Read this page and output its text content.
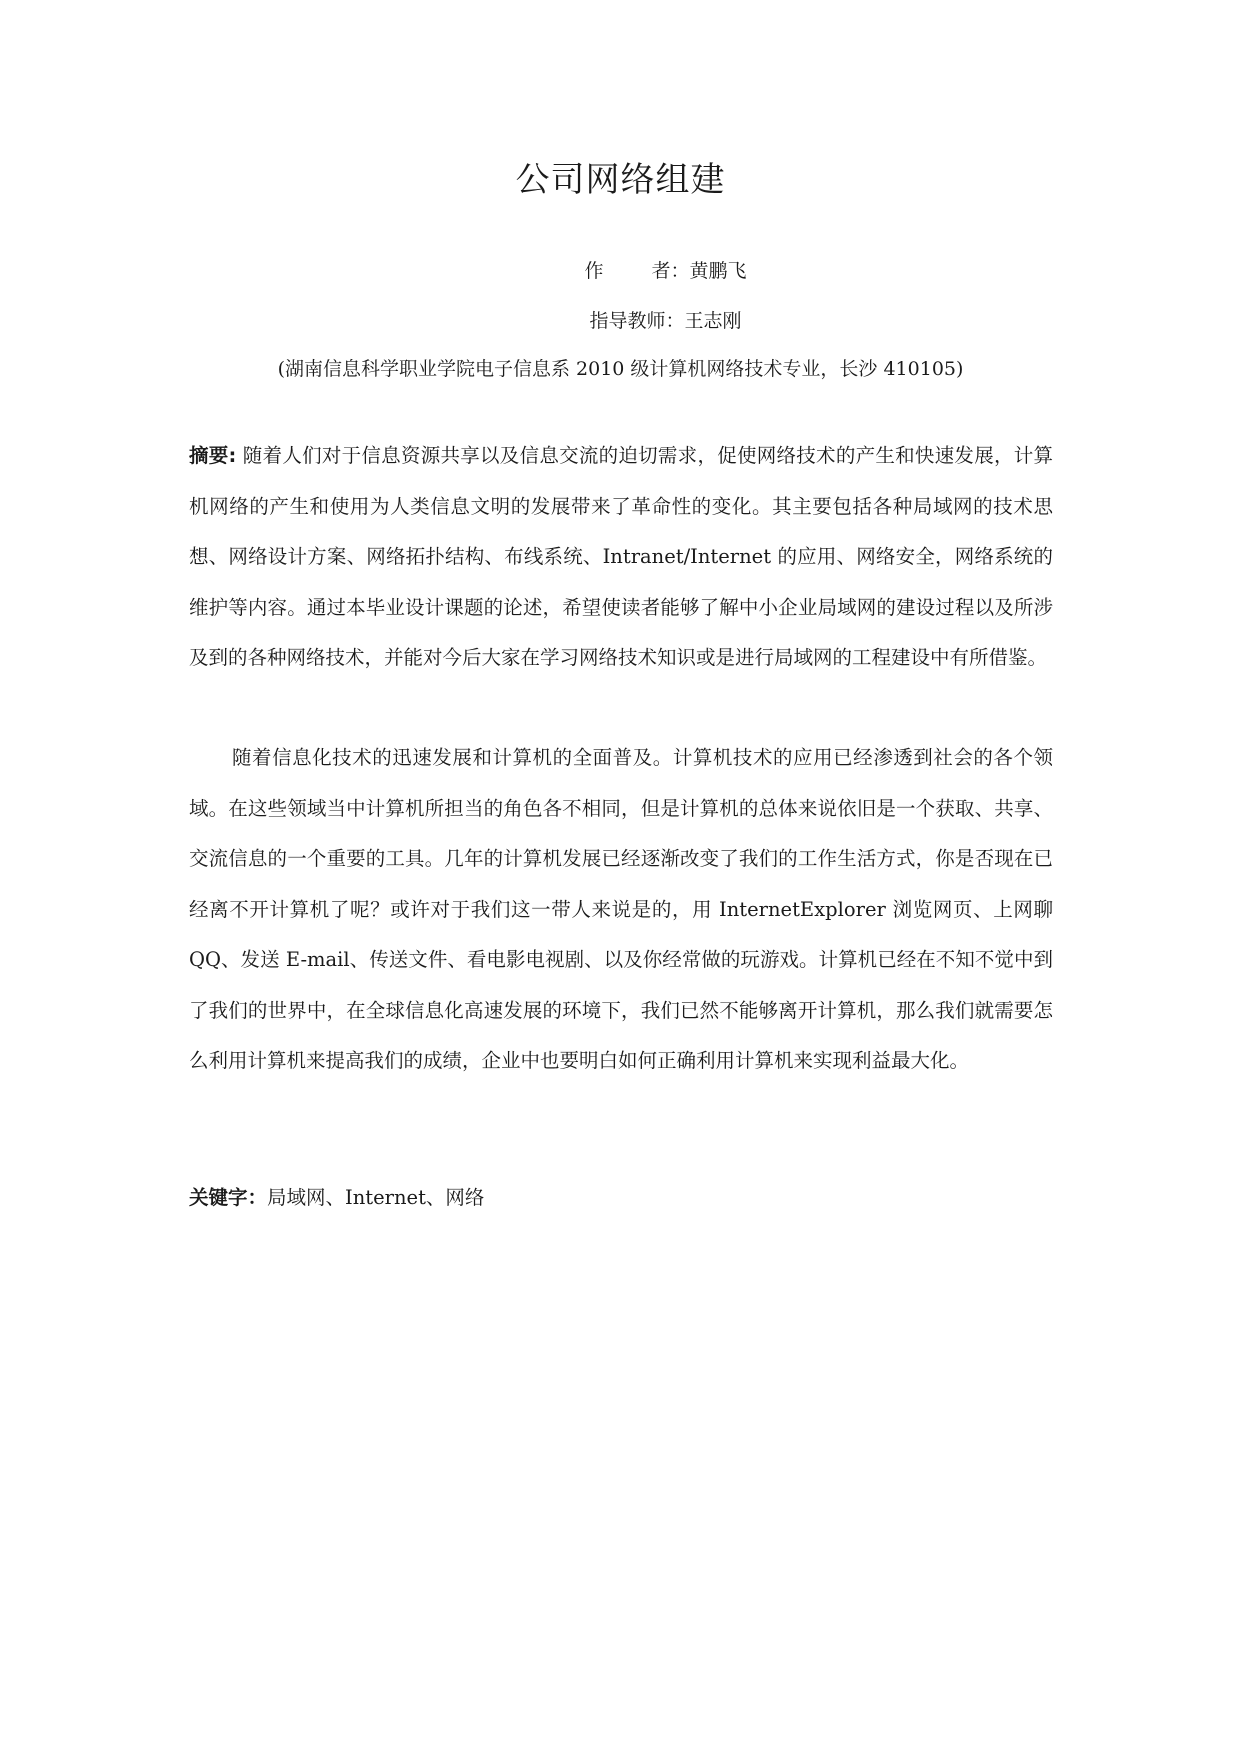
公司网络组建
作	者：黄鹏飞
指导教师：王志刚
(湖南信息科学职业学院电子信息系 2010 级计算机网络技术专业，长沙 410105)

摘要: 随着人们对于信息资源共享以及信息交流的迫切需求，促使网络技术的产生和快速发展，计算机网络的产生和使用为人类信息文明的发展带来了革命性的变化。其主要包括各种局域网的技术思想、网络设计方案、网络拓扑结构、布线系统、Intranet/Internet 的应用、网络安全，网络系统的维护等内容。通过本毕业设计课题的论述，希望使读者能够了解中小企业局域网的建设过程以及所涉及到的各种网络技术，并能对今后大家在学习网络技术知识或是进行局域网的工程建设中有所借鉴。

随着信息化技术的迅速发展和计算机的全面普及。计算机技术的应用已经渗透到社会的各个领域。在这些领域当中计算机所担当的角色各不相同，但是计算机的总体来说依旧是一个获取、共享、交流信息的一个重要的工具。几年的计算机发展已经逐渐改变了我们的工作生活方式，你是否现在已经离不开计算机了呢？或许对于我们这一带人来说是的，用 InternetExplorer 浏览网页、上网聊 QQ、发送 E-mail、传送文件、看电影电视剧、以及你经常做的玩游戏。计算机已经在不知不觉中到了我们的世界中，在全球信息化高速发展的环境下，我们已然不能够离开计算机，那么我们就需要怎么利用计算机来提高我们的成绩，企业中也要明白如何正确利用计算机来实现利益最大化。

关键字：局域网、Internet、网络
